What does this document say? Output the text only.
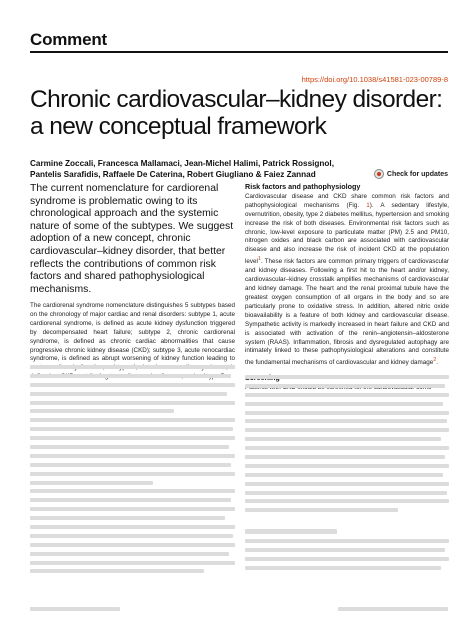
Comment
https://doi.org/10.1038/s41581-023-00789-8
Chronic cardiovascular–kidney disorder: a new conceptual framework
Carmine Zoccali, Francesca Mallamaci, Jean-Michel Halimi, Patrick Rossignol, Pantelis Sarafidis, Raffaele De Caterina, Robert Giugliano & Faiez Zannad	Check for updates

The current nomenclature for cardiorenal syndrome is problematic owing to its chronological approach and the systemic nature of some of the subtypes. We suggest adoption of a new concept, chronic cardiovascular–kidney disorder, that better reflects the contributions of common risk factors and shared pathophysiological mechanisms.

The cardiorenal syndrome nomenclature distinguishes 5 subtypes based on the chronology of major cardiac and renal disorders: subtype 1, acute cardiorenal syndrome, is defined as acute kidney dysfunction triggered by decompensated heart failure; subtype 2, chronic cardiorenal syndrome, is defined as chronic cardiac abnormalities that cause progressive chronic kidney disease (CKD); subtype 3, acute renocardiac syndrome, is defined as abrupt worsening of kidney function leading to

Risk factors and pathophysiology

Cardiovascular disease and CKD share common risk factors and pathophysiological mechanisms (Fig. 1). A sedentary lifestyle, overnutrition, obesity, type 2 diabetes mellitus, hypertension and smoking increase the risk of both diseases. Environmental risk factors such as chronic, low-level exposure to particulate matter (PM) 2.5 and PM10, nitrogen oxides and black carbon are associated with cardiovascular disease and also increase the risk of incident CKD at the population level$^1$. These risk factors are common primary triggers of cardiovascular and kidney diseases. Following a first hit to the heart and/or kidney, cardiovascular–kidney crosstalk amplifies mechanisms of cardiovascular and kidney damage. The heart and the renal proximal tubule have the greatest oxygen consumption of all organs in the body and so are particularly prone to oxidative stress. In addition, altered nitric oxide bioavailability is a feature of both kidney and cardiovascular disease. Sympathetic activity is markedly increased in heart failure and CKD and is associated with activation of the renin–angiotensin–aldosterone system (RAAS). Inflammation, fibrosis and dysregulated autophagy are intimately linked to these pathophysiological alterations and constitute the fundamental mechanisms of cardiovascular and kidney damage$^2$.
